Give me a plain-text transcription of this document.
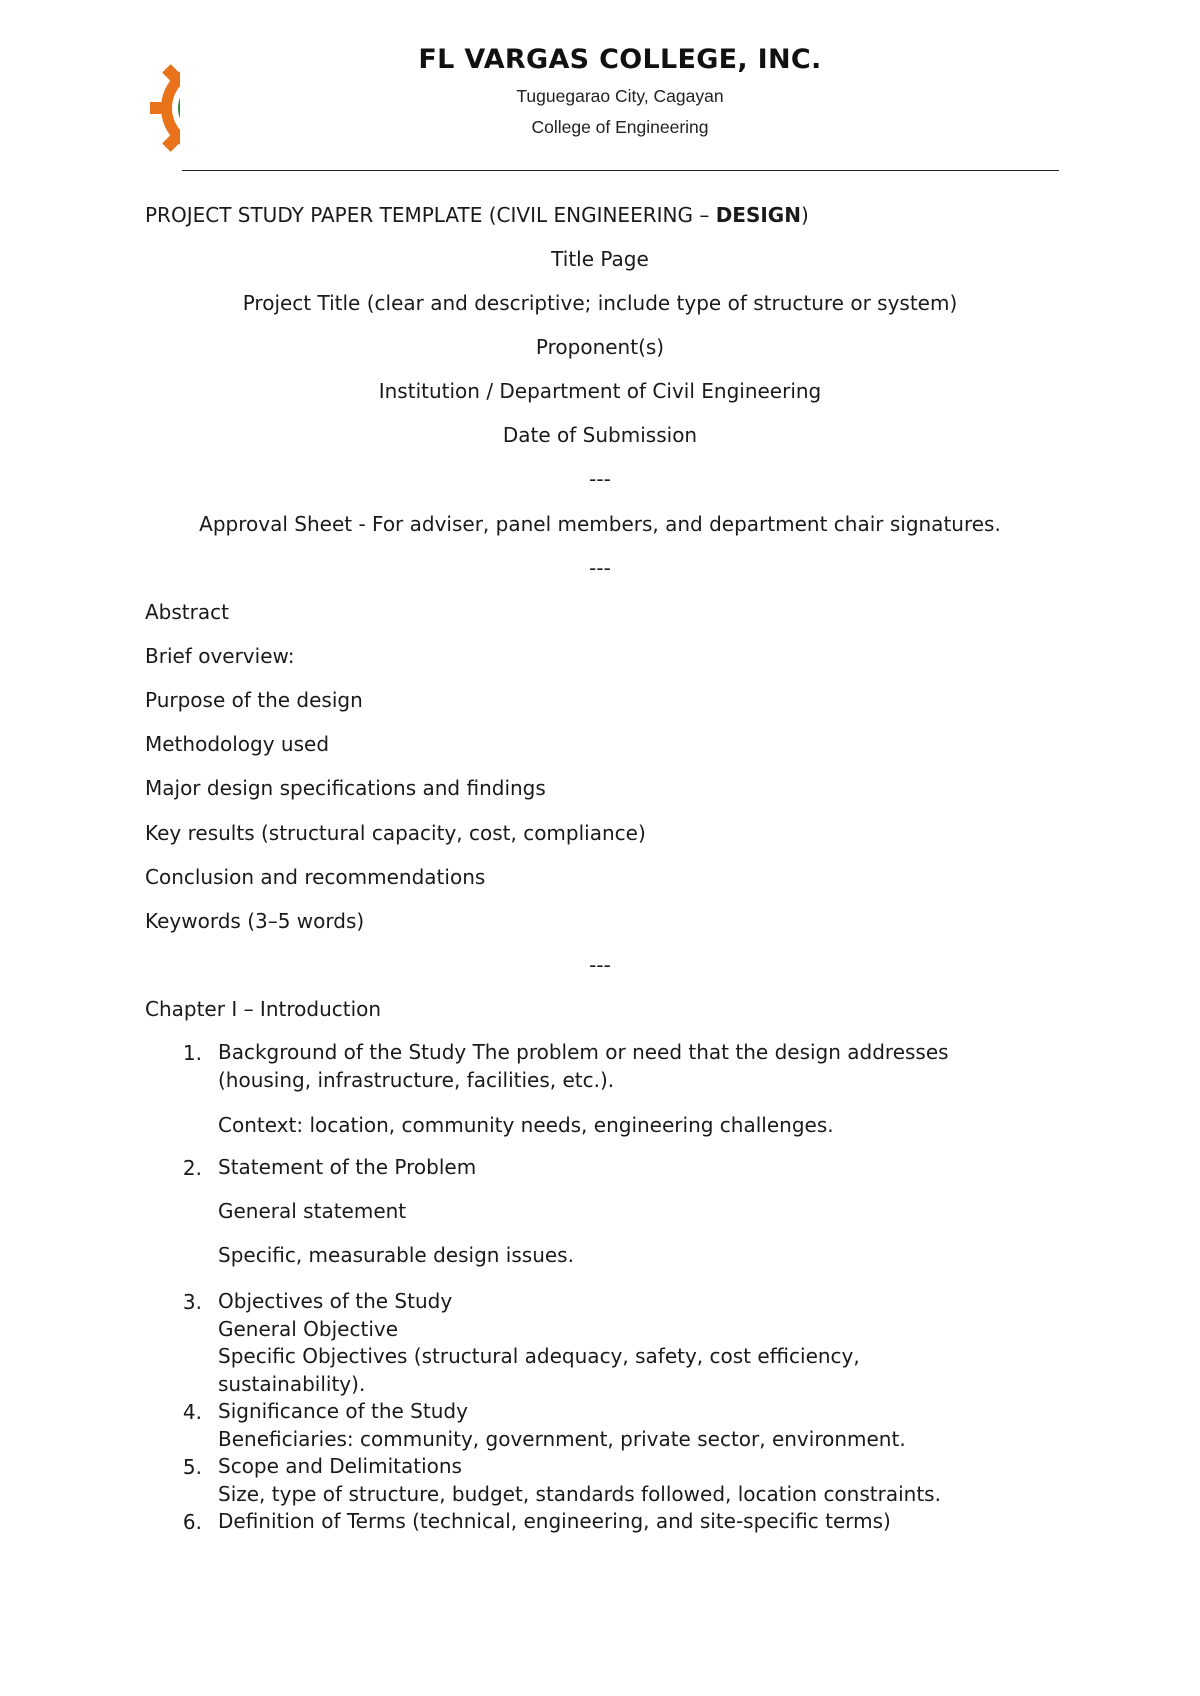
FL VARGAS COLLEGE, INC.
Tuguegarao City, Cagayan
College of Engineering
PROJECT STUDY PAPER TEMPLATE (CIVIL ENGINEERING – DESIGN)
Title Page
Project Title (clear and descriptive; include type of structure or system)
Proponent(s)
Institution / Department of Civil Engineering
Date of Submission
---
Approval Sheet - For adviser, panel members, and department chair signatures.
---
Abstract
Brief overview:
Purpose of the design
Methodology used
Major design specifications and findings
Key results (structural capacity, cost, compliance)
Conclusion and recommendations
Keywords (3–5 words)
---
Chapter I – Introduction
1. Background of the Study The problem or need that the design addresses
(housing, infrastructure, facilities, etc.).
Context: location, community needs, engineering challenges.
2. Statement of the Problem
General statement
Specific, measurable design issues.
3. Objectives of the Study
General Objective
Specific Objectives (structural adequacy, safety, cost efficiency,
sustainability).
4. Significance of the Study
Beneficiaries: community, government, private sector, environment.
5. Scope and Delimitations
Size, type of structure, budget, standards followed, location constraints.
6. Definition of Terms (technical, engineering, and site-specific terms)
